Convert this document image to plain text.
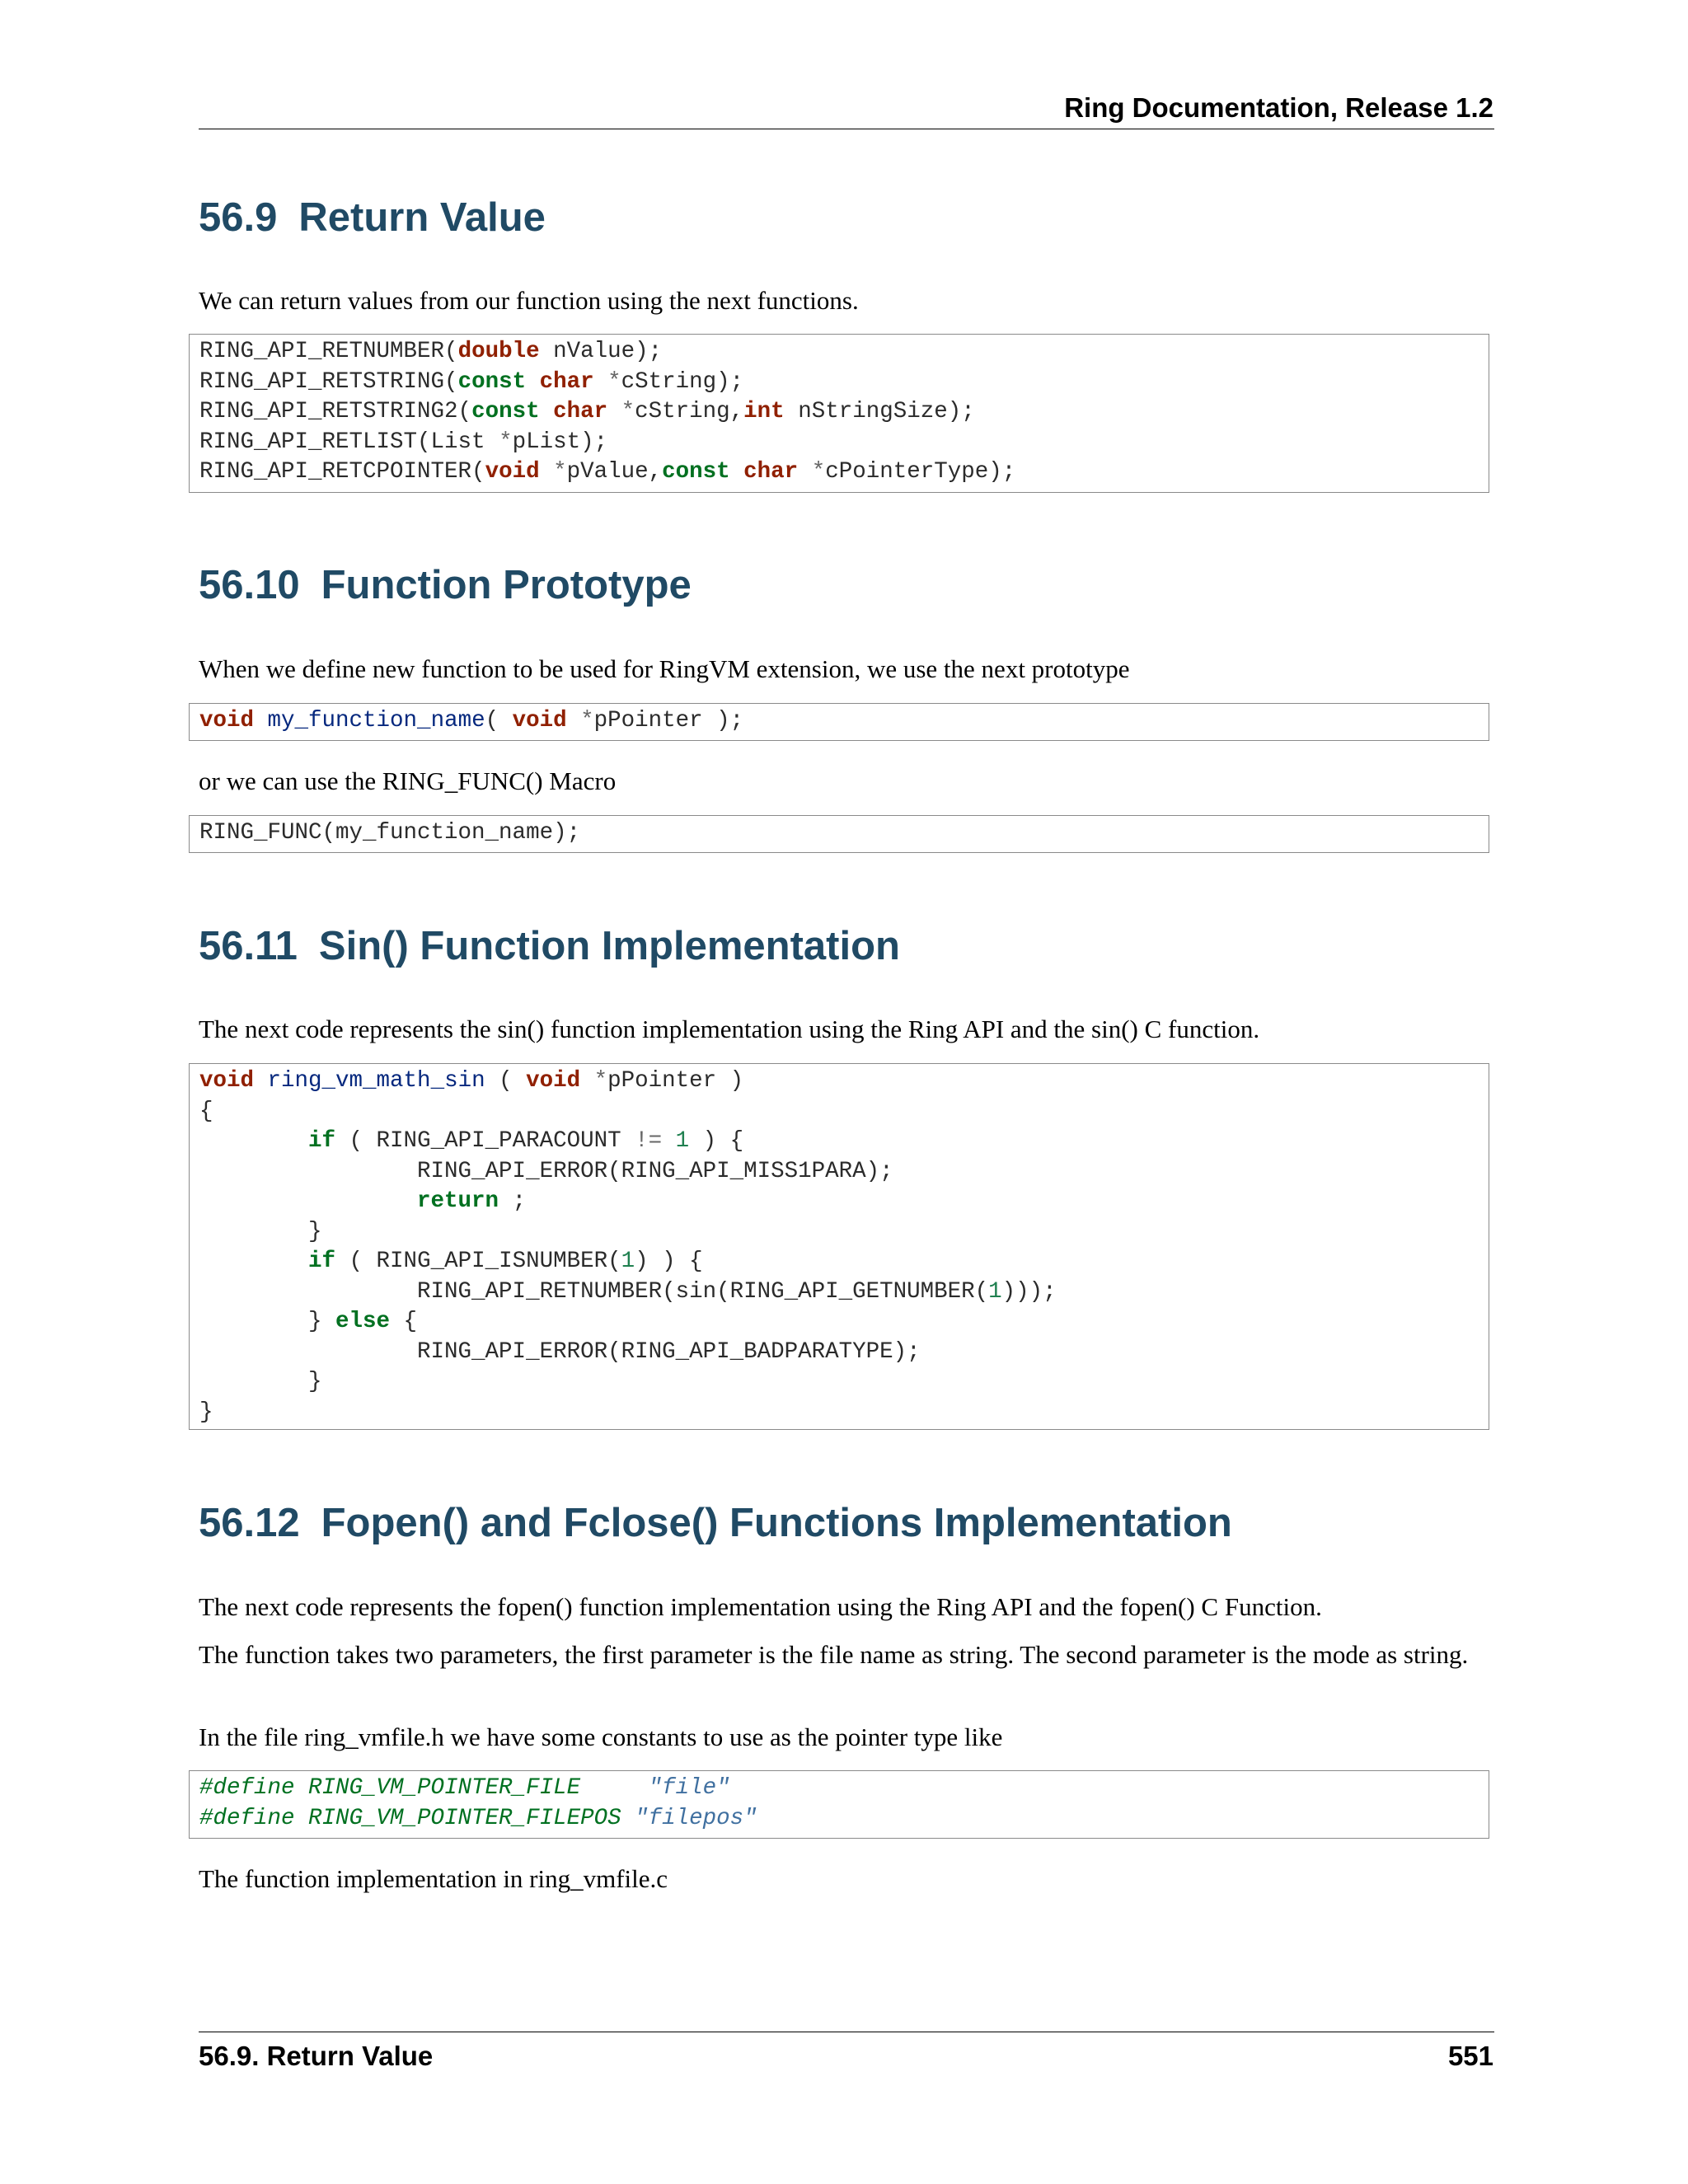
Ring Documentation, Release 1.2
56.9 Return Value

We can return values from our function using the next functions.

RING_API_RETNUMBER(double nValue);
RING_API_RETSTRING(const char *cString);
RING_API_RETSTRING2(const char *cString,int nStringSize);
RING_API_RETLIST(List *pList);
RING_API_RETCPOINTER(void *pValue,const char *cPointerType);
56.10 Function Prototype

When we define new function to be used for RingVM extension, we use the next prototype

void my_function_name( void *pPointer );

or we can use the RING_FUNC() Macro

RING_FUNC(my_function_name);
56.11 Sin() Function Implementation

The next code represents the sin() function implementation using the Ring API and the sin() C function.

void ring_vm_math_sin ( void *pPointer )
{
if ( RING_API_PARACOUNT != 1 ) {
RING_API_ERROR(RING_API_MISS1PARA);
return ;
}
if ( RING_API_ISNUMBER(1) ) {
RING_API_RETNUMBER(sin(RING_API_GETNUMBER(1)));
} else {
RING_API_ERROR(RING_API_BADPARATYPE);
}
}
56.12 Fopen() and Fclose() Functions Implementation

The next code represents the fopen() function implementation using the Ring API and the fopen() C Function.

The function takes two parameters, the first parameter is the file name as string. The second parameter is the mode as string.

In the file ring_vmfile.h we have some constants to use as the pointer type like

#define RING_VM_POINTER_FILE     "file"
#define RING_VM_POINTER_FILEPOS "filepos"

The function implementation in ring_vmfile.c

56.9. Return Value	551
